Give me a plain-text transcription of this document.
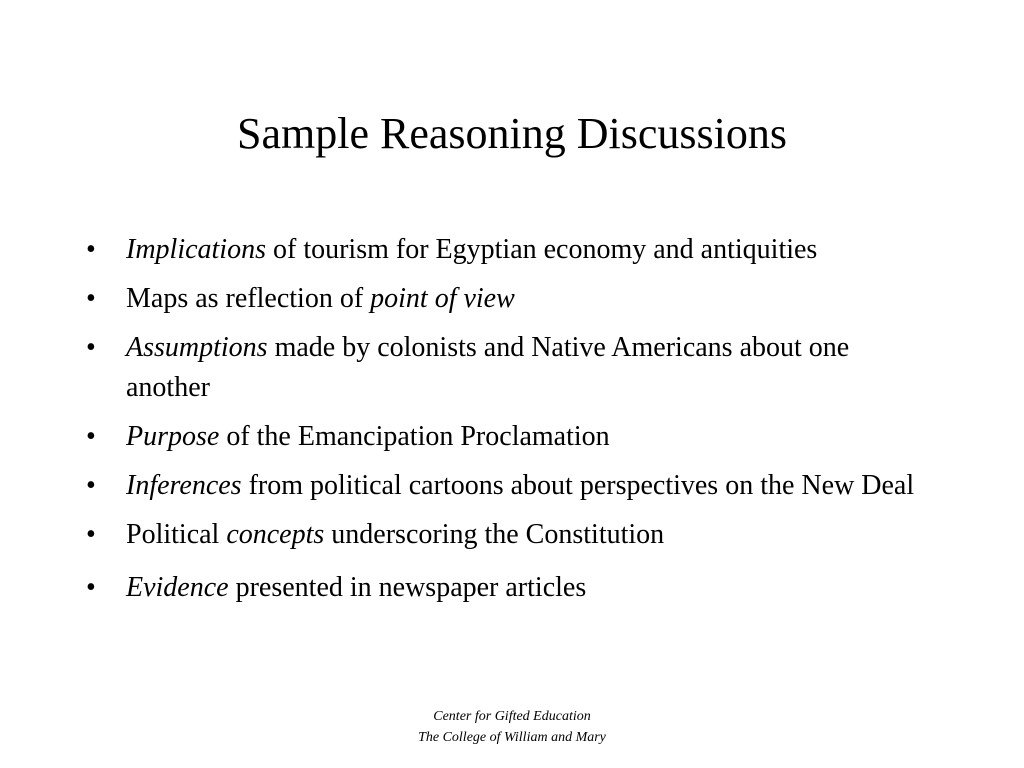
Sample Reasoning Discussions
•	Implications of tourism for Egyptian economy and antiquities
•	Maps as reflection of point of view
•	Assumptions made by colonists and Native Americans about one another
•	Purpose of the Emancipation Proclamation
•	Inferences from political cartoons about perspectives on the New Deal
•	Political concepts underscoring the Constitution
•	Evidence presented in newspaper articles
Center for Gifted Education
The College of William and Mary
